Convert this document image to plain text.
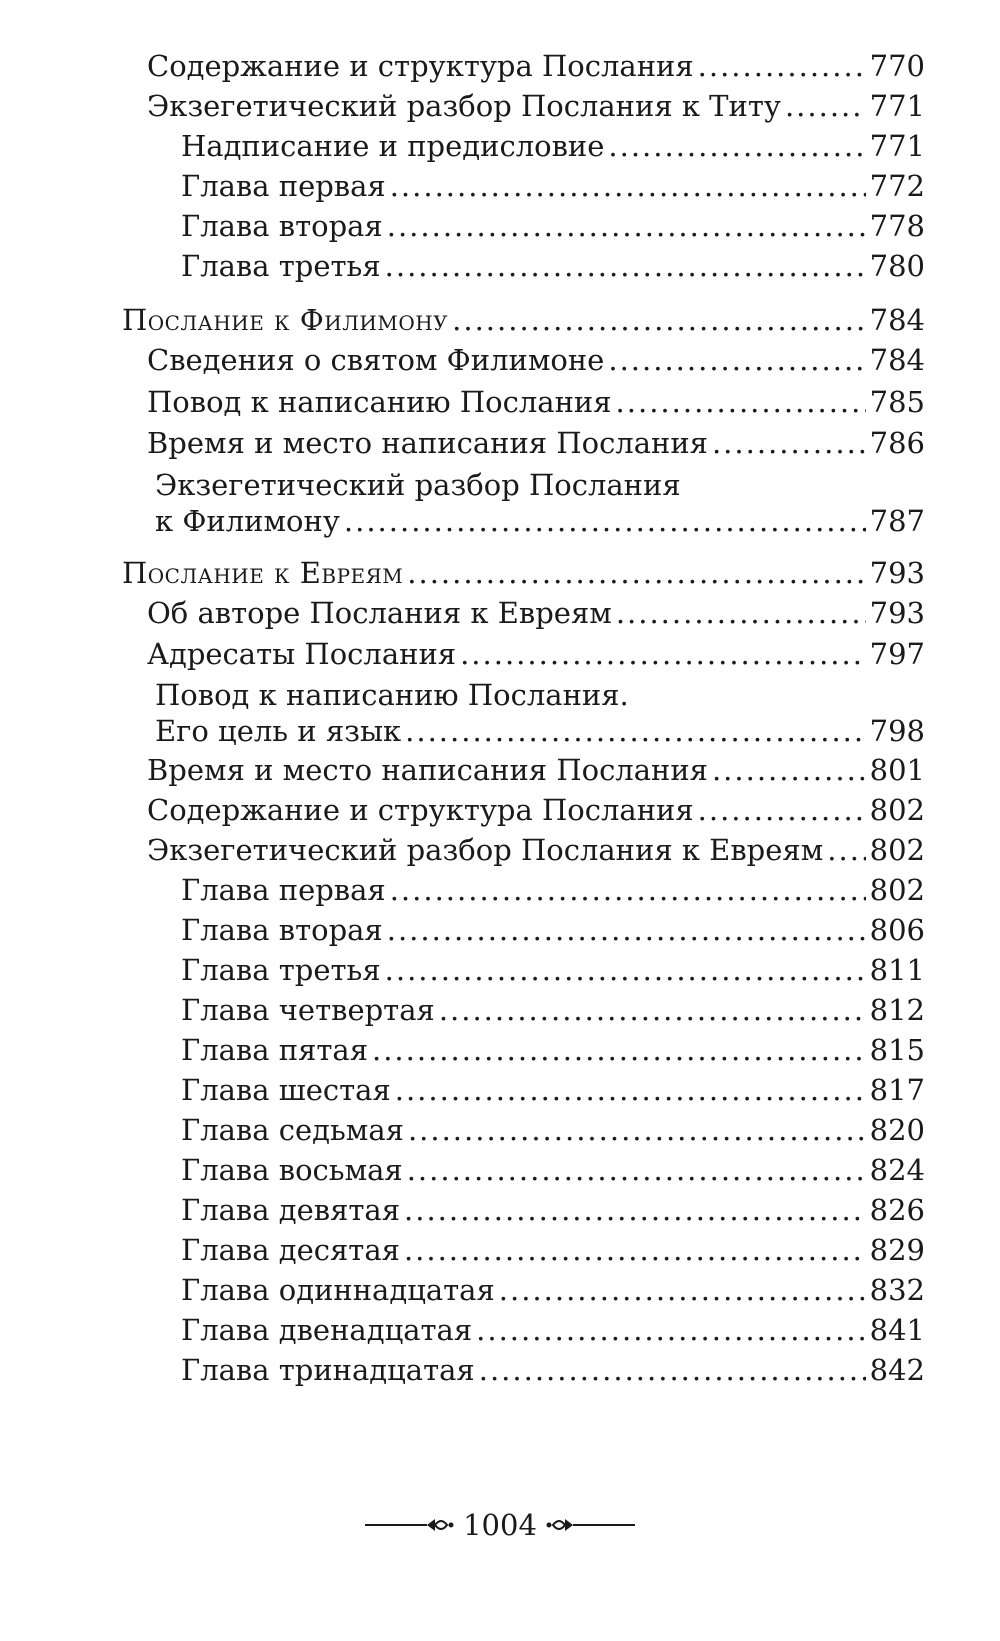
Содержание и структура Послания .....	770
Экзегетический разбор Послания к Титу .....	771
Надписание и предисловие .....	771
Глава первая .....	772
Глава вторая .....	778
Глава третья .....	780
Послание к Филимону .....	784
Сведения о святом Филимоне .....	784
Повод к написанию Послания .....	785
Время и место написания Послания .....	786
Экзегетический разбор Послания
к Филимону .....	787
Послание к Евреям .....	793
Об авторе Послания к Евреям .....	793
Адресаты Послания .....	797
Повод к написанию Послания.
Его цель и язык .....	798
Время и место написания Послания .....	801
Содержание и структура Послания .....	802
Экзегетический разбор Послания к Евреям ..... 802
Глава первая .....	802
Глава вторая .....	806
Глава третья .....	811
Глава четвертая .....	812
Глава пятая .....	815
Глава шестая .....	817
Глава седьмая .....	820
Глава восьмая .....	824
Глава девятая .....	826
Глава десятая .....	829
Глава одиннадцатая .....	832
Глава двенадцатая .....	841
Глава тринадцатая .....	842
1004
